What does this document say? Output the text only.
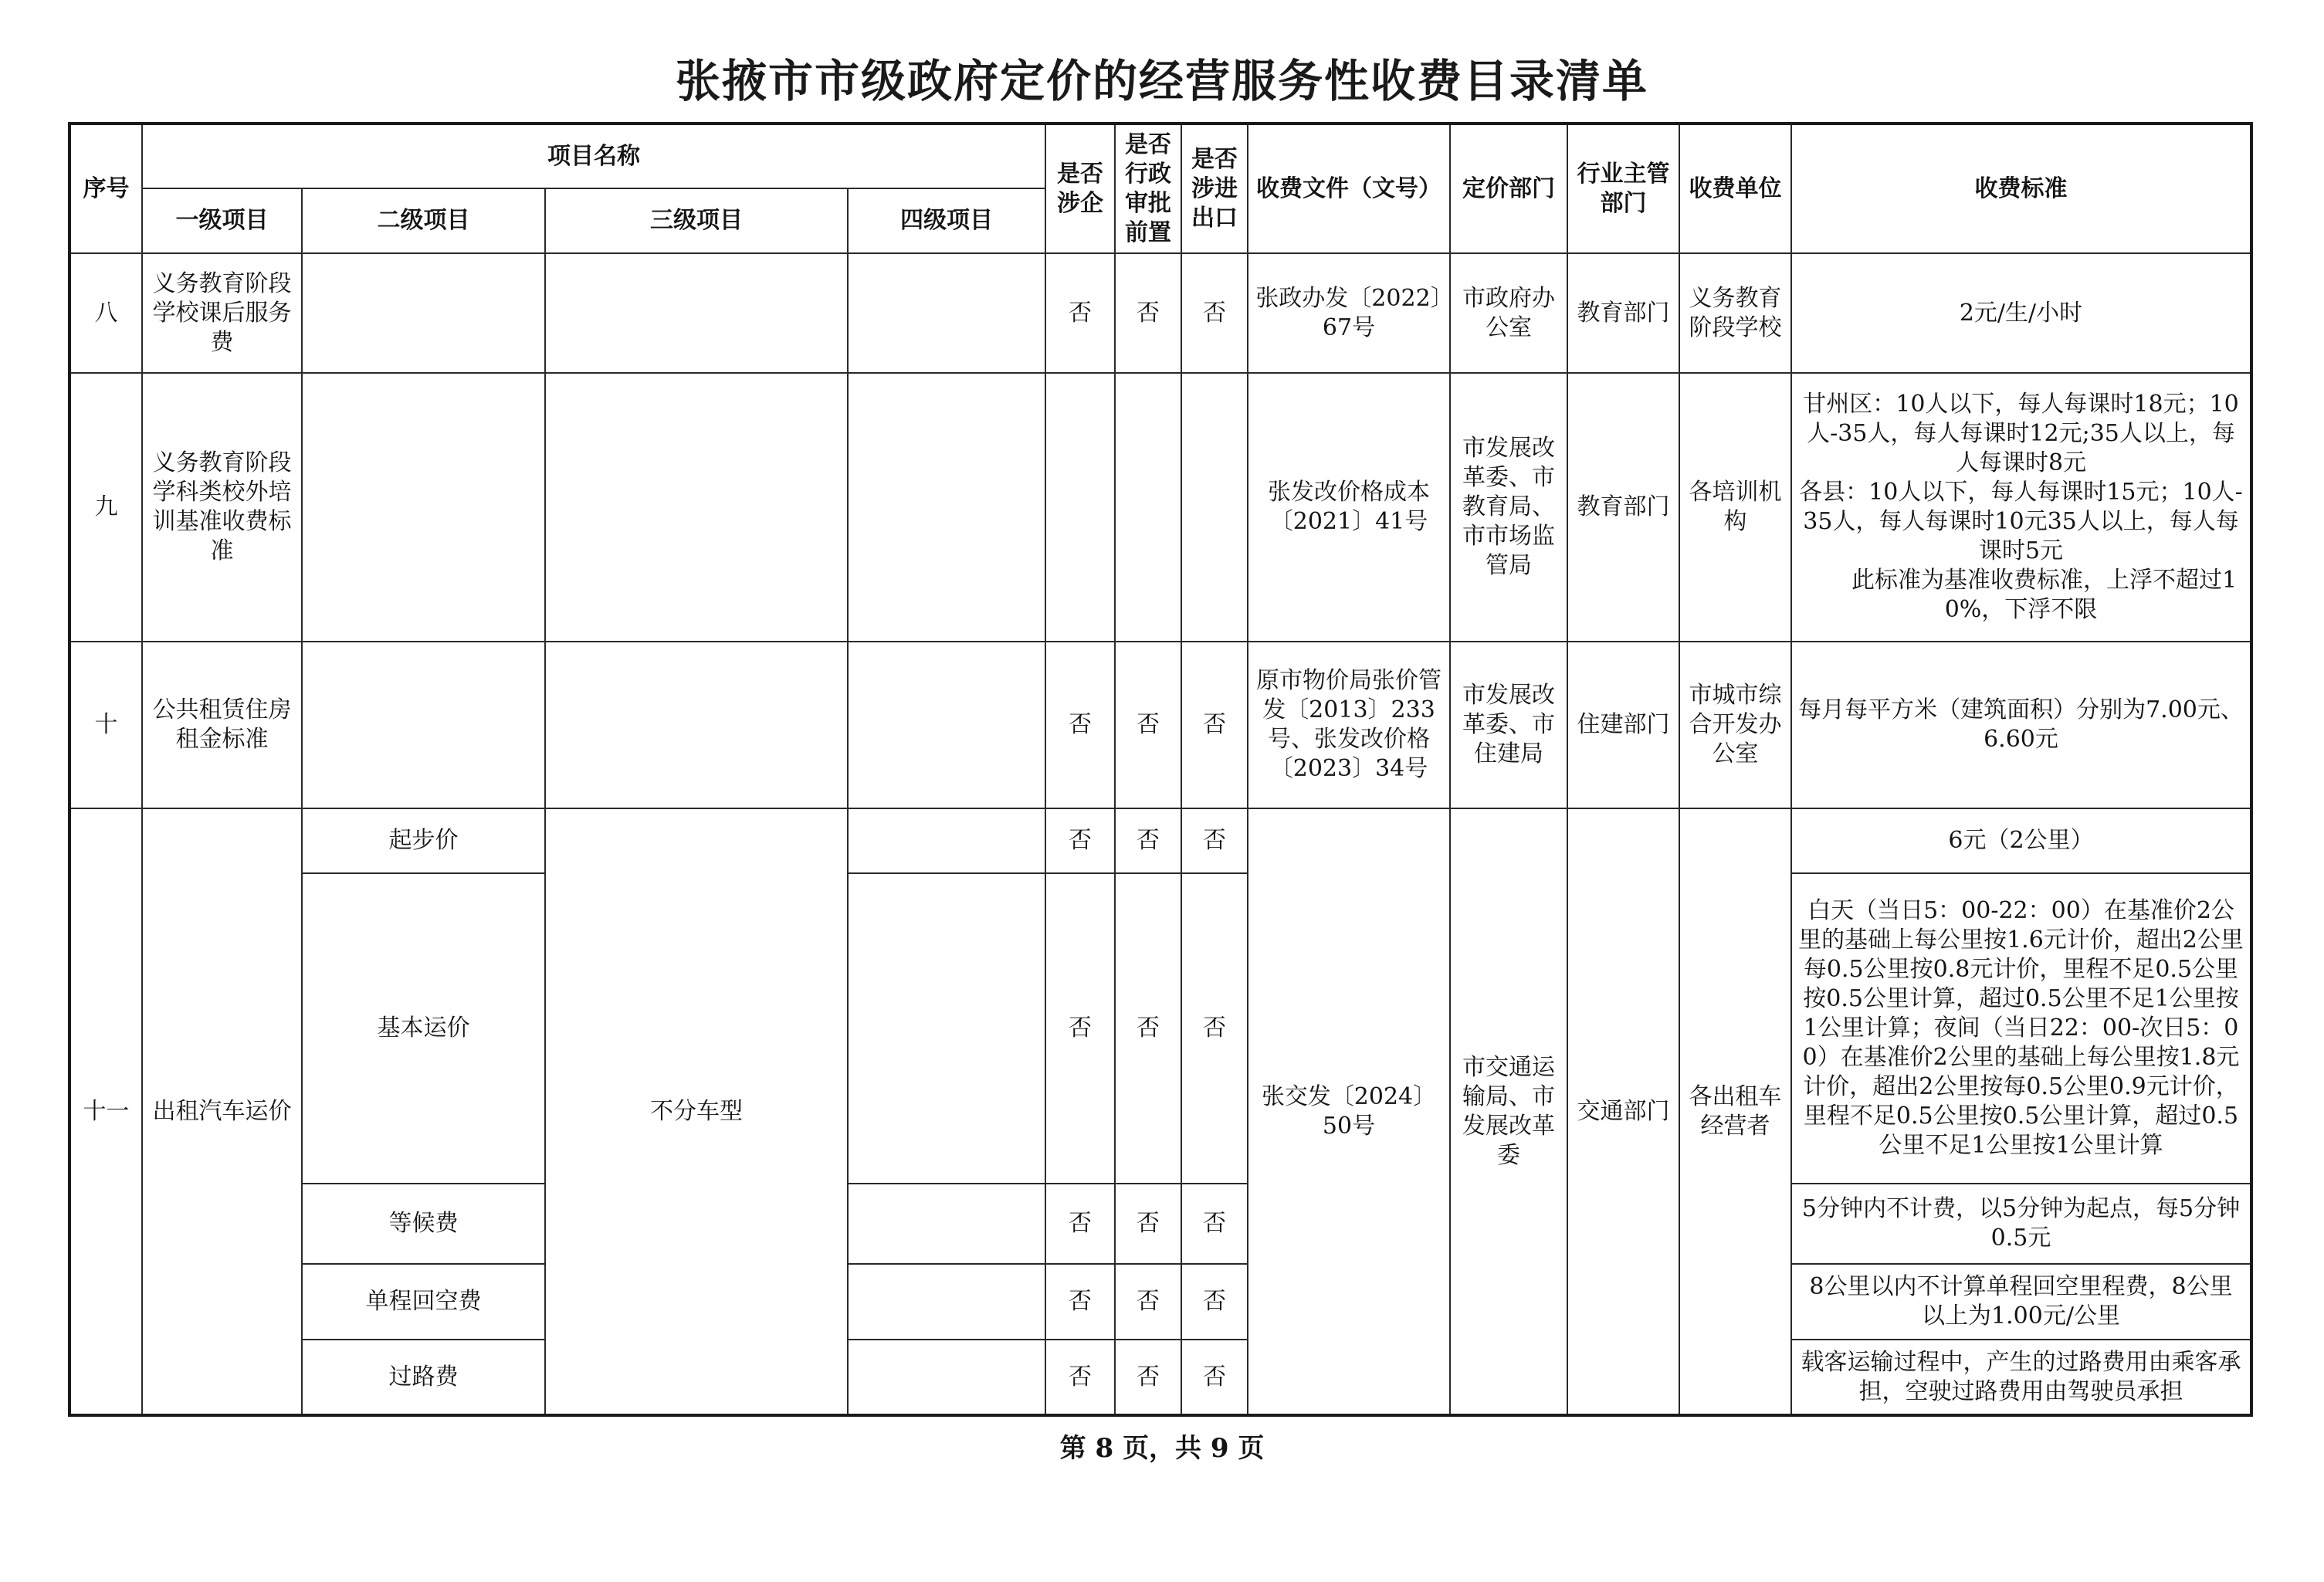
张掖市市级政府定价的经营服务性收费目录清单
序号	项目名称				是否涉企	是否行政审批前置	是否涉进出口	收费文件（文号）	定价部门	行业主管部门	收费单位	收费标准
	一级项目	二级项目	三级项目	四级项目								
八	义务教育阶段学校课后服务费				否	否	否	张政办发〔2022〕67号	市政府办公室	教育部门	义务教育阶段学校	2元/生/小时
九	义务教育阶段学科类校外培训基准收费标准							张发改价格成本〔2021〕41号	市发展改革委、市教育局、市市场监管局	教育部门	各培训机构	甘州区：10人以下，每人每课时18元；10人-35人，每人每课时12元;35人以上，每人每课时8元
各县：10人以下，每人每课时15元；10人-35人，每人每课时10元35人以上，每人每课时5元
此标准为基准收费标准，上浮不超过10%，下浮不限

十	公共租赁住房租金标准				否	否	否	原市物价局张价管发〔2013〕233号、张发改价格〔2023〕34号	市发展改革委、市住建局	住建部门	市城市综合开发办公室	每月每平方米（建筑面积）分别为7.00元、6.60元
十一	出租汽车运价	起步价	不分车型		否	否	否	张交发〔2024〕50号	市交通运输局、市发展改革委	交通部门	各出租车经营者	6元（2公里）
		基本运价			否	否	否					白天（当日5：00-22：00）在基准价2公里的基础上每公里按1.6元计价，超出2公里每0.5公里按0.8元计价，里程不足0.5公里按0.5公里计算，超过0.5公里不足1公里按1公里计算；夜间（当日22：00-次日5：00）在基准价2公里的基础上每公里按1.8元计价，超出2公里按每0.5公里0.9元计价，里程不足0.5公里按0.5公里计算，超过0.5公里不足1公里按1公里计算
		等候费			否	否	否					5分钟内不计费，以5分钟为起点，每5分钟0.5元
		单程回空费			否	否	否					8公里以内不计算单程回空里程费，8公里以上为1.00元/公里
		过路费			否	否	否					载客运输过程中，产生的过路费用由乘客承担，空驶过路费用由驾驶员承担
第 8 页，共 9 页
